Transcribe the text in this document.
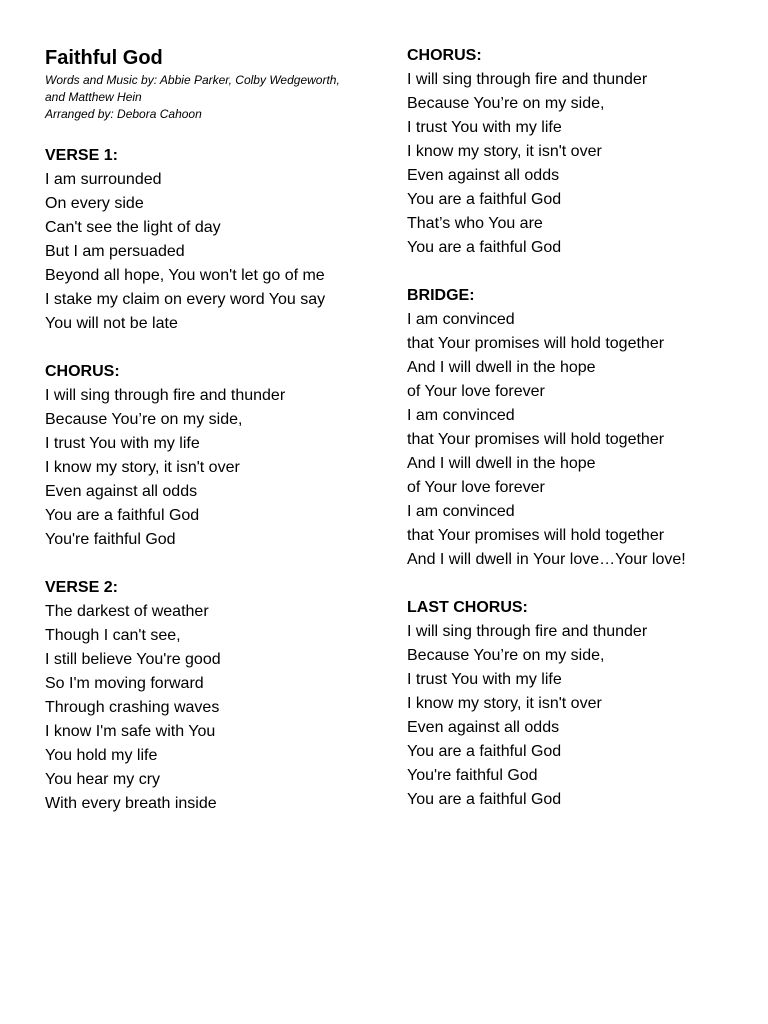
Faithful God
Words and Music by: Abbie Parker, Colby Wedgeworth,
and Matthew Hein
Arranged by: Debora Cahoon
VERSE 1:
I am surrounded
On every side
Can't see the light of day
But I am persuaded
Beyond all hope, You won't let go of me
I stake my claim on every word You say
You will not be late
CHORUS:
I will sing through fire and thunder
Because You’re on my side,
I trust You with my life
I know my story, it isn't over
Even against all odds
You are a faithful God
You're faithful God
VERSE 2:
The darkest of weather
Though I can't see,
I still believe You're good
So I'm moving forward
Through crashing waves
I know I'm safe with You
You hold my life
You hear my cry
With every breath inside
CHORUS:
I will sing through fire and thunder
Because You’re on my side,
I trust You with my life
I know my story, it isn't over
Even against all odds
You are a faithful God
That’s who You are
You are a faithful God
BRIDGE:
I am convinced
that Your promises will hold together
And I will dwell in the hope
of Your love forever
I am convinced
that Your promises will hold together
And I will dwell in the hope
of Your love forever
I am convinced
that Your promises will hold together
And I will dwell in Your love…Your love!
LAST CHORUS:
I will sing through fire and thunder
Because You’re on my side,
I trust You with my life
I know my story, it isn't over
Even against all odds
You are a faithful God
You're faithful God
You are a faithful God
